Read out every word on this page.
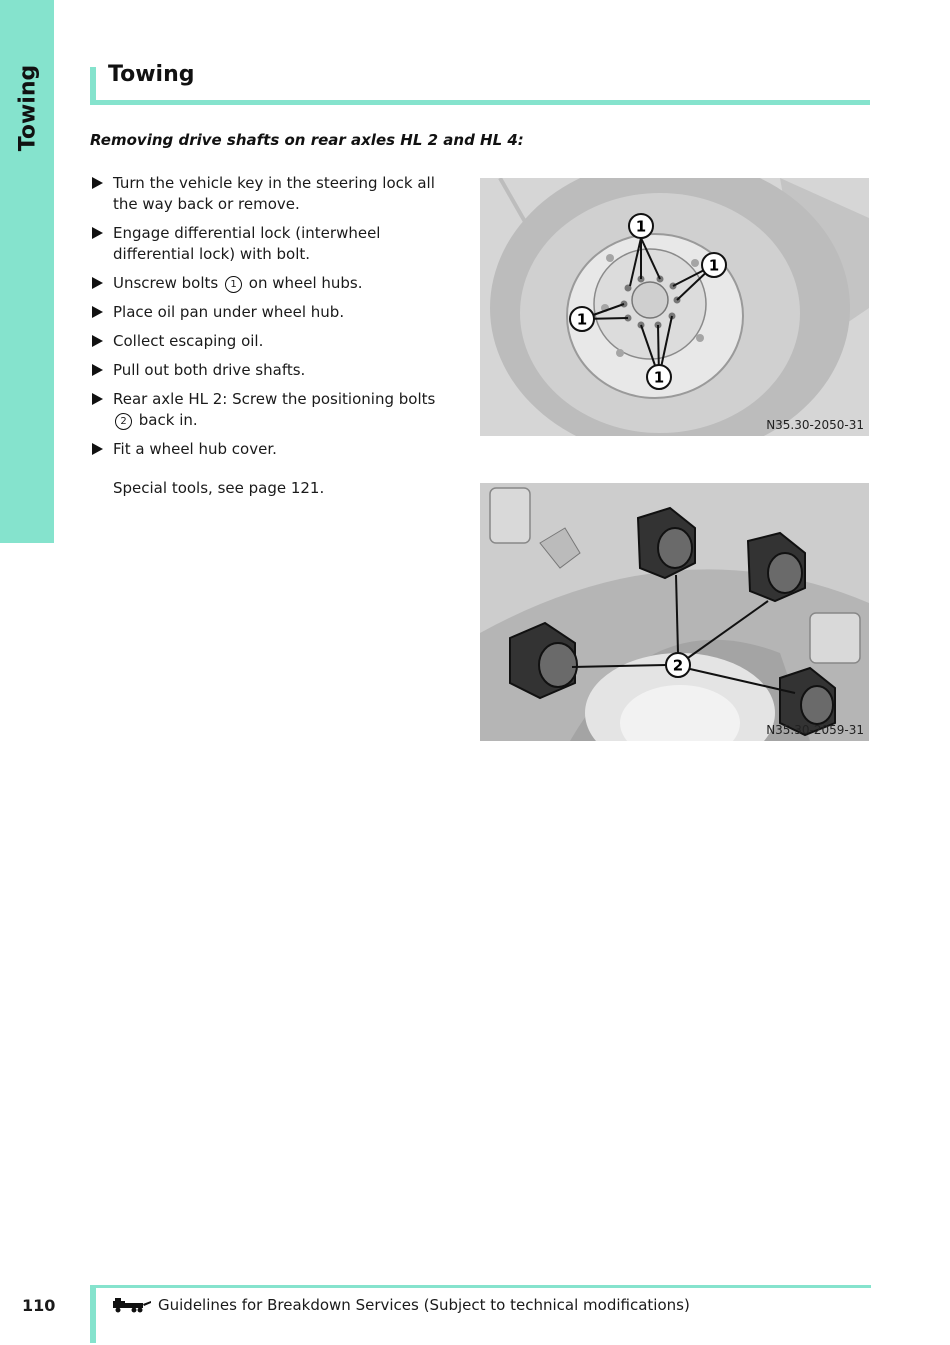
Towing	Towing
Removing drive shafts on rear axles HL 2 and HL 4:
Turn the vehicle key in the steering lock all the way back or remove.
Engage differential lock (interwheel differential lock) with bolt.
Unscrew bolts 1 on wheel hubs.
Place oil pan under wheel hub.
Collect escaping oil.
Pull out both drive shafts.
Rear axle HL 2: Screw the positioning bolts 2 back in.
Fit a wheel hub cover.
Special tools, see page 121.
1
1
1
1
N35.30-2050-31
2
N35.30-2059-31
110	Guidelines for Breakdown Services (Subject to technical modifications)
